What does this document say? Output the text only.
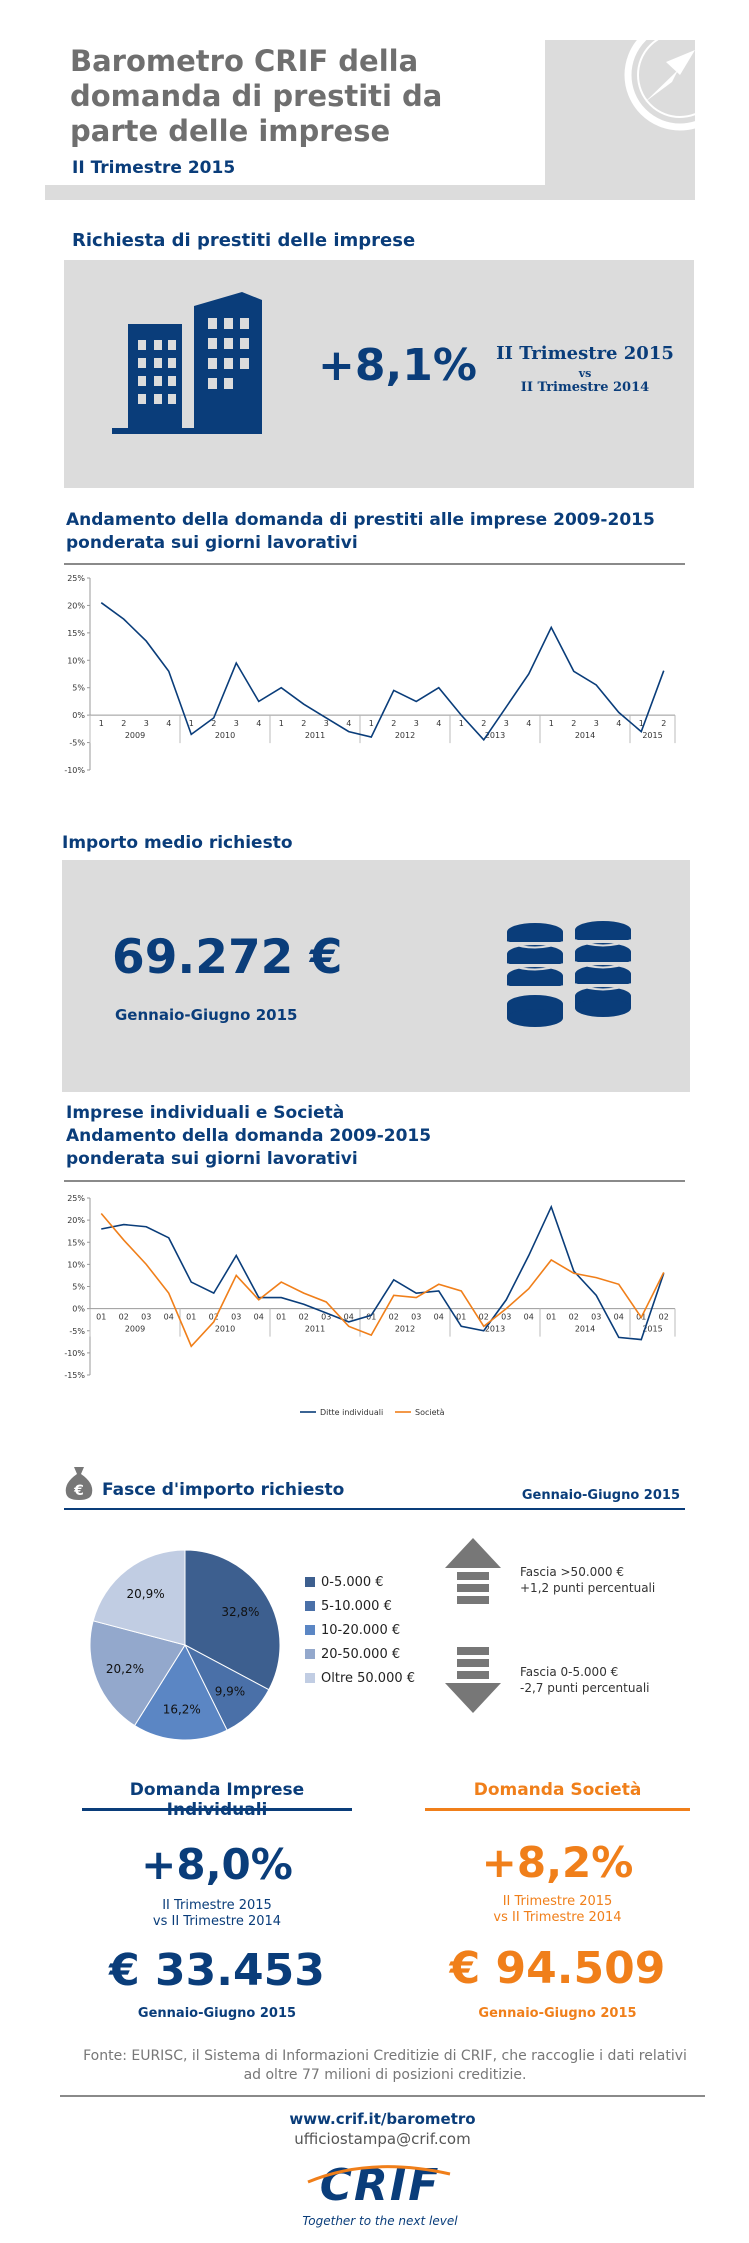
Barometro CRIF della domanda di prestiti da parte delle imprese
II Trimestre 2015
Richiesta di prestiti delle imprese
+8,1%	II Trimestre 2015
vs
II Trimestre 2014
Andamento della domanda di prestiti alle imprese 2009-2015
ponderata sui giorni lavorativi
25%
20%
15%
10%
5%
0%
-5%
-10%
1 2 3 4 1 2 3 4 1 2 3 4 1 2 3 4 1 2 3 4 1 2 3 4 1 2
2009	2010	2011	2012	2013	2014	2015
Importo medio richiesto
69.272 €
Gennaio-Giugno 2015
Imprese individuali e Società
Andamento della domanda 2009-2015
ponderata sui giorni lavorativi
25%
20%
15%
10%
5%
0%
-5%
-10%
-15%
01 02 03 04 01 02 03 04 01 02 03 04 01 02 03 04 01 02 03 04 01 02 03 04 01 02
2009	2010	2011	2012	2013	2014	2015
Ditte individuali	Società
€ Fasce d'importo richiesto	Gennaio-Giugno 2015
32,8%
9,9%
16,2%
20,2%
20,9%
0-5.000 €
5-10.000 €
10-20.000 €
20-50.000 €
Oltre 50.000 €
Fascia >50.000 €
+1,2 punti percentuali
Fascia 0-5.000 €
-2,7 punti percentuali
Domanda Imprese	Domanda Società
+8,0%
II Trimestre 2015
vs II Trimestre 2014
€ 33.453
Gennaio-Giugno 2015
+8,2%
II Trimestre 2015
vs II Trimestre 2014
€ 94.509
Gennaio-Giugno 2015
Fonte: EURISC, il Sistema di Informazioni Creditizie di CRIF, che raccoglie i dati relativi ad oltre 77 milioni di posizioni creditizie.
www.crif.it/barometro
ufficiostampa@crif.com
CRIF
Together to the next level
